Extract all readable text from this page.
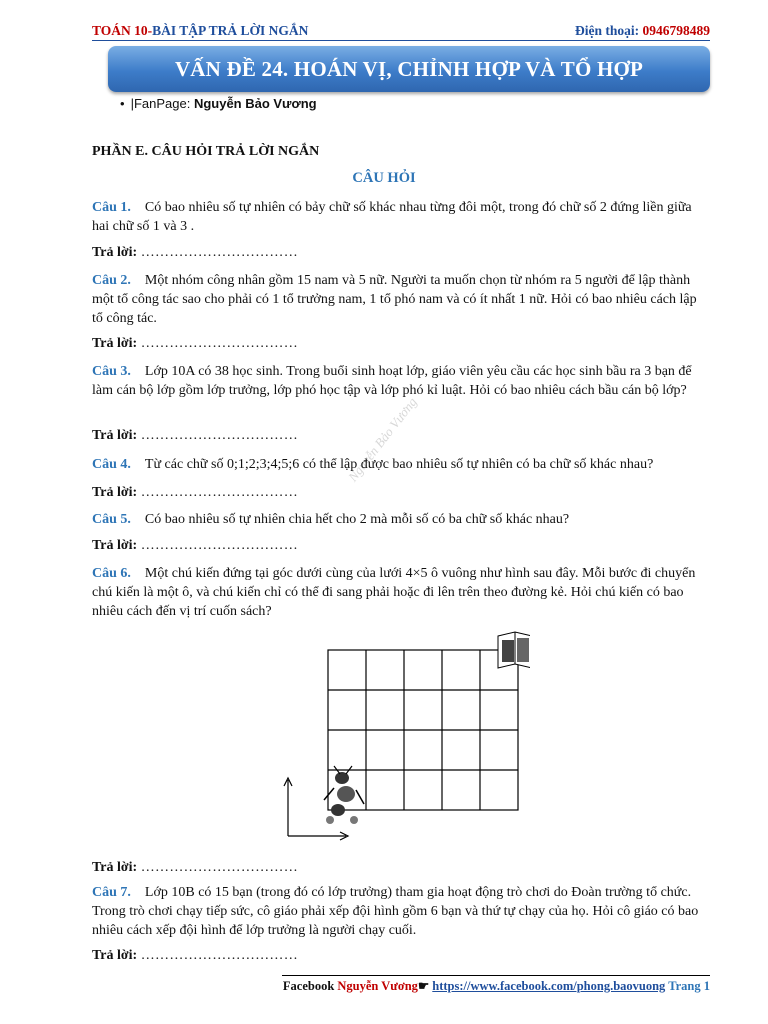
TOÁN 10-BÀI TẬP TRẢ LỜI NGẮN	Điện thoại: 0946798489
VẤN ĐỀ 24. HOÁN VỊ, CHỈNH HỢP VÀ TỔ HỢP
• |FanPage: Nguyễn Bảo Vương
PHẦN E. CÂU HỎI TRẢ LỜI NGẮN
CÂU HỎI
Nguyễn Bảo Vương
Câu 1. Có bao nhiêu số tự nhiên có bảy chữ số khác nhau từng đôi một, trong đó chữ số 2 đứng liền giữa hai chữ số 1 và 3 .
Trả lời: ……………………………
Câu 2. Một nhóm công nhân gồm 15 nam và 5 nữ. Người ta muốn chọn từ nhóm ra 5 người để lập thành một tổ công tác sao cho phải có 1 tổ trưởng nam, 1 tổ phó nam và có ít nhất 1 nữ. Hỏi có bao nhiêu cách lập tổ công tác.
Trả lời: ……………………………
Câu 3. Lớp 10A có 38 học sinh. Trong buổi sinh hoạt lớp, giáo viên yêu cầu các học sinh bầu ra 3 bạn để làm cán bộ lớp gồm lớp trưởng, lớp phó học tập và lớp phó kỉ luật. Hỏi có bao nhiêu cách bầu cán bộ lớp?
Trả lời: ……………………………
Câu 4. Từ các chữ số 0;1;2;3;4;5;6 có thể lập được bao nhiêu số tự nhiên có ba chữ số khác nhau?
Trả lời: ……………………………
Câu 5. Có bao nhiêu số tự nhiên chia hết cho 2 mà mỗi số có ba chữ số khác nhau?
Trả lời: ……………………………
Câu 6. Một chú kiến đứng tại góc dưới cùng của lưới 4×5 ô vuông như hình sau đây. Mỗi bước đi chuyển chú kiến là một ô, và chú kiến chỉ có thể đi sang phải hoặc đi lên trên theo đường kẻ. Hỏi chú kiến có bao nhiêu cách đến vị trí cuốn sách?
Trả lời: ……………………………
Câu 7. Lớp 10B có 15 bạn (trong đó có lớp trưởng) tham gia hoạt động trò chơi do Đoàn trường tổ chức. Trong trò chơi chạy tiếp sức, cô giáo phải xếp đội hình gồm 6 bạn và thứ tự chạy của họ. Hỏi cô giáo có bao nhiêu cách xếp đội hình để lớp trưởng là người chạy cuối.
Trả lời: ……………………………
Facebook Nguyễn Vương☛ https://www.facebook.com/phong.baovuong Trang 1
